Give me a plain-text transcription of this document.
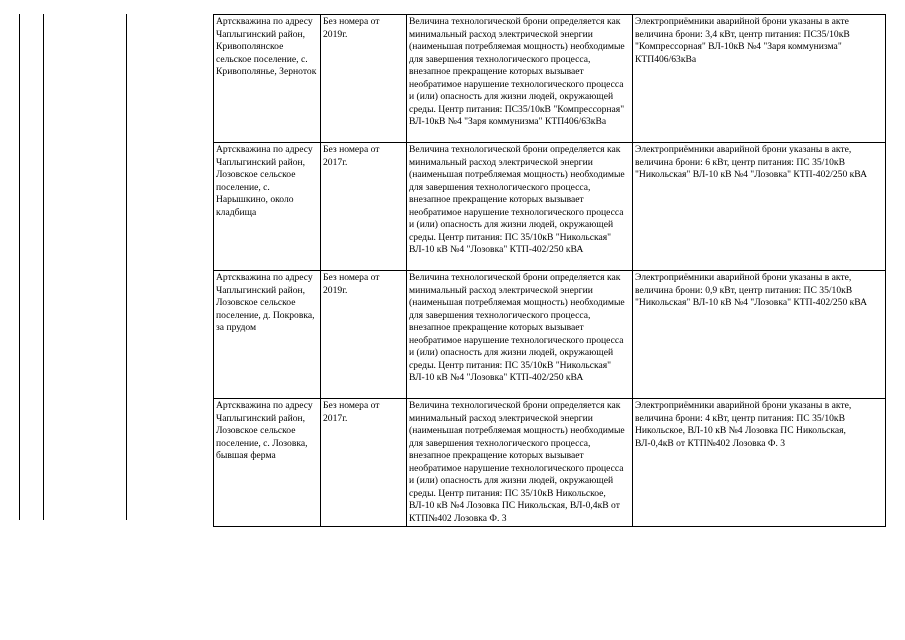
Артскважина по адресу Чаплыгинский район, Кривополянское сельское поселение, с. Кривополянье, Зерноток	Без номера от 2019г.	Величина технологической брони определяется как минимальный расход электрической энергии (наименьшая потребляемая мощность) необходимые для завершения технологического процесса, внезапное прекращение которых вызывает необратимое нарушение технологического процесса и (или) опасность для жизни людей, окружающей среды. Центр питания: ПС35/10кВ "Компрессорная" ВЛ-10кВ №4 "Заря коммунизма" КТП406/63кВа	Электроприёмники аварийной брони указаны в акте величина брони: 3,4 кВт, центр питания: ПС35/10кВ "Компрессорная" ВЛ-10кВ №4 "Заря коммунизма" КТП406/63кВа
Артскважина по адресу Чаплыгинский район, Лозовское сельское поселение, с. Нарышкино, около кладбища	Без номера от 2017г.	Величина технологической брони определяется как минимальный расход электрической энергии (наименьшая потребляемая мощность) необходимые для завершения технологического процесса, внезапное прекращение которых вызывает необратимое нарушение технологического процесса и (или) опасность для жизни людей, окружающей среды. Центр питания: ПС 35/10кВ "Никольская" ВЛ-10 кВ №4 "Лозовка" КТП-402/250 кВА	Электроприёмники аварийной брони указаны в акте, величина брони: 6 кВт, центр питания: ПС 35/10кВ "Никольская" ВЛ-10 кВ №4 "Лозовка" КТП-402/250 кВА
Артскважина по адресу Чаплыгинский район, Лозовское сельское поселение, д. Покровка, за прудом	Без номера от 2019г.	Величина технологической брони определяется как минимальный расход электрической энергии (наименьшая потребляемая мощность) необходимые для завершения технологического процесса, внезапное прекращение которых вызывает необратимое нарушение технологического процесса и (или) опасность для жизни людей, окружающей среды. Центр питания: ПС 35/10кВ "Никольская" ВЛ-10 кВ №4 "Лозовка" КТП-402/250 кВА	Электроприёмники аварийной брони указаны в акте, величина брони: 0,9 кВт, центр питания: ПС 35/10кВ "Никольская" ВЛ-10 кВ №4 "Лозовка" КТП-402/250 кВА
Артскважина по адресу Чаплыгинский район, Лозовское сельское поселение, с. Лозовка, бывшая ферма	Без номера от 2017г.	Величина технологической брони определяется как минимальный расход электрической энергии (наименьшая потребляемая мощность) необходимые для завершения технологического процесса, внезапное прекращение которых вызывает необратимое нарушение технологического процесса и (или) опасность для жизни людей, окружающей среды. Центр питания: ПС 35/10кВ Никольское, ВЛ-10 кВ №4 Лозовка ПС Никольская, ВЛ-0,4кВ от КТП№402 Лозовка Ф. 3	Электроприёмники аварийной брони указаны в акте, величина брони: 4 кВт, центр питания: ПС 35/10кВ Никольское, ВЛ-10 кВ №4 Лозовка ПС Никольская, ВЛ-0,4кВ от КТП№402 Лозовка Ф. 3
